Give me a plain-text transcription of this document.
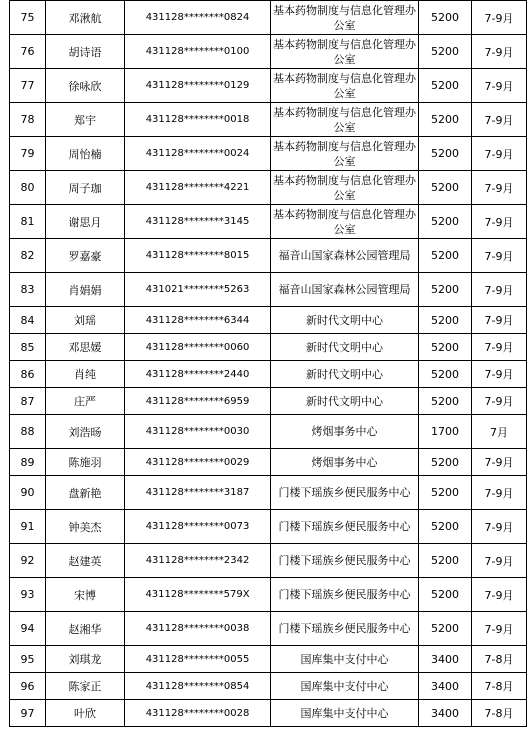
75	邓湫航	431128********0824	基本药物制度与信息化管理办公室	5200	7-9月
76	胡诗语	431128********0100	基本药物制度与信息化管理办公室	5200	7-9月
77	徐咏欣	431128********0129	基本药物制度与信息化管理办公室	5200	7-9月
78	郑宇	431128********0018	基本药物制度与信息化管理办公室	5200	7-9月
79	周怡楠	431128********0024	基本药物制度与信息化管理办公室	5200	7-9月
80	周子珈	431128********4221	基本药物制度与信息化管理办公室	5200	7-9月
81	谢思月	431128********3145	基本药物制度与信息化管理办公室	5200	7-9月
82	罗嘉豪	431128********8015	福音山国家森林公园管理局	5200	7-9月
83	肖娟娟	431021********5263	福音山国家森林公园管理局	5200	7-9月
84	刘瑶	431128********6344	新时代文明中心	5200	7-9月
85	邓思媛	431128********0060	新时代文明中心	5200	7-9月
86	肖纯	431128********2440	新时代文明中心	5200	7-9月
87	庄严	431128********6959	新时代文明中心	5200	7-9月
88	刘浩旸	431128********0030	烤烟事务中心	1700	7月
89	陈施羽	431128********0029	烤烟事务中心	5200	7-9月
90	盘新艳	431128********3187	门楼下瑶族乡便民服务中心	5200	7-9月
91	钟美杰	431128********0073	门楼下瑶族乡便民服务中心	5200	7-9月
92	赵建英	431128********2342	门楼下瑶族乡便民服务中心	5200	7-9月
93	宋博	431128********579X	门楼下瑶族乡便民服务中心	5200	7-9月
94	赵湘华	431128********0038	门楼下瑶族乡便民服务中心	5200	7-9月
95	刘琪龙	431128********0055	国库集中支付中心	3400	7-8月
96	陈家正	431128********0854	国库集中支付中心	3400	7-8月
97	叶欣	431128********0028	国库集中支付中心	3400	7-8月
